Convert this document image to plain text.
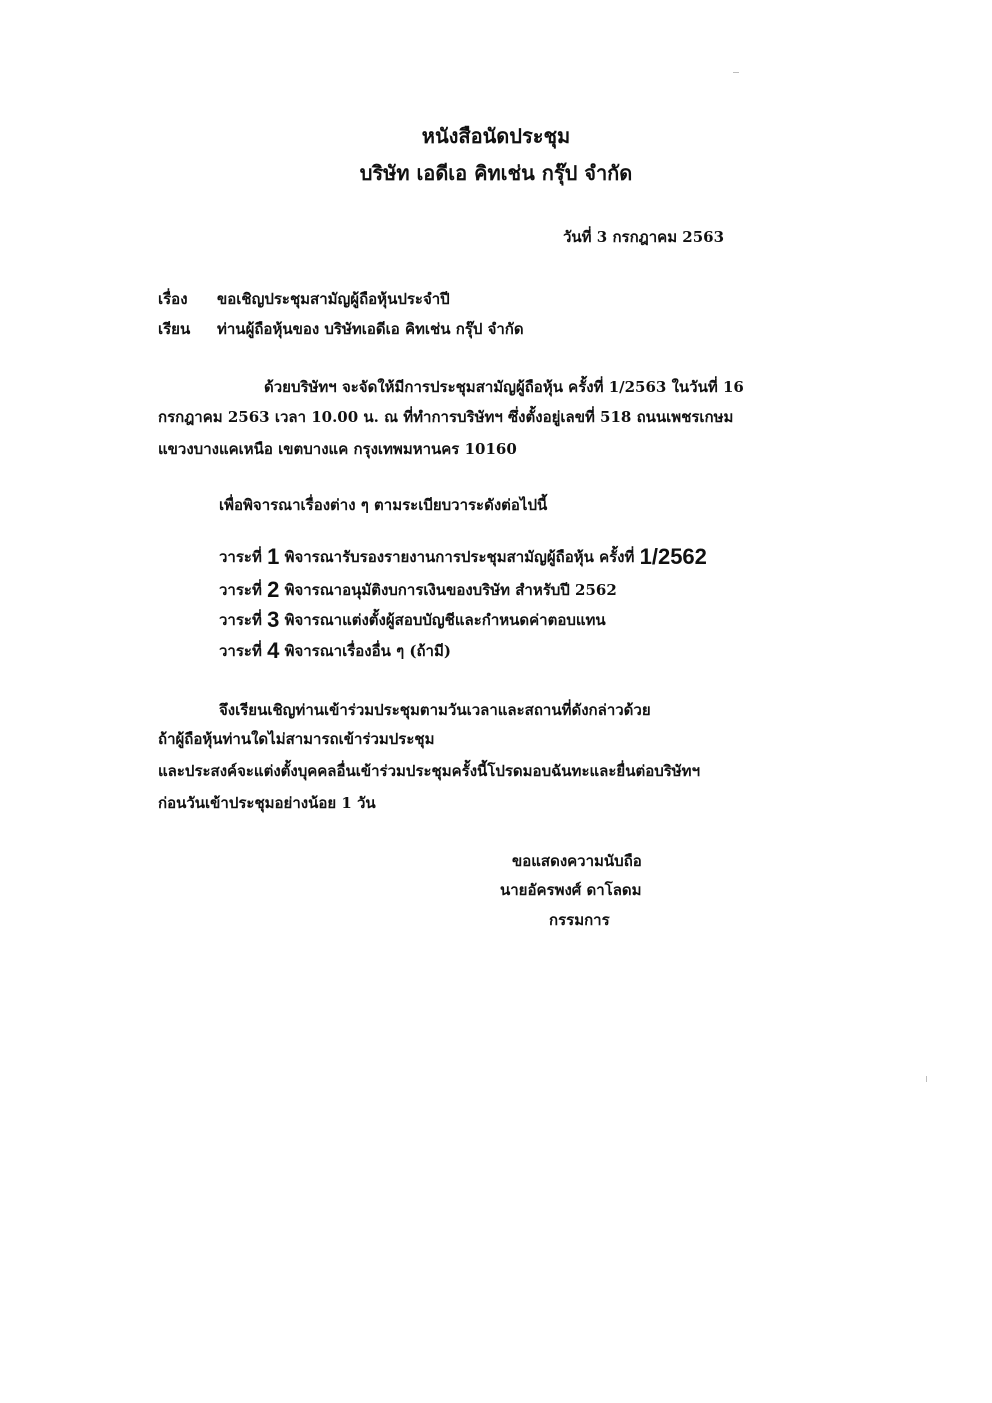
หนังสือนัดประชุม
บริษัท เอดีเอ คิทเช่น กรุ๊ป จำกัด
วันที่ 3 กรกฎาคม 2563
เรื่อง ขอเชิญประชุมสามัญผู้ถือหุ้นประจำปี
เรียน ท่านผู้ถือหุ้นของ บริษัทเอดีเอ คิทเช่น กรุ๊ป จำกัด
ด้วยบริษัทฯ จะจัดให้มีการประชุมสามัญผู้ถือหุ้น ครั้งที่ 1/2563 ในวันที่ 16
กรกฎาคม 2563 เวลา 10.00 น. ณ ที่ทำการบริษัทฯ ซึ่งตั้งอยู่เลขที่ 518 ถนนเพชรเกษม
แขวงบางแคเหนือ เขตบางแค กรุงเทพมหานคร 10160
เพื่อพิจารณาเรื่องต่าง ๆ ตามระเบียบวาระดังต่อไปนี้
วาระที่ 1 พิจารณารับรองรายงานการประชุมสามัญผู้ถือหุ้น ครั้งที่ 1/2562
วาระที่ 2 พิจารณาอนุมัติงบการเงินของบริษัท สำหรับปี 2562
วาระที่ 3 พิจารณาแต่งตั้งผู้สอบบัญชีและกำหนดค่าตอบแทน
วาระที่ 4 พิจารณาเรื่องอื่น ๆ (ถ้ามี)
จึงเรียนเชิญท่านเข้าร่วมประชุมตามวันเวลาและสถานที่ดังกล่าวด้วย
ถ้าผู้ถือหุ้นท่านใดไม่สามารถเข้าร่วมประชุม
และประสงค์จะแต่งตั้งบุคคลอื่นเข้าร่วมประชุมครั้งนี้โปรดมอบฉันทะและยื่นต่อบริษัทฯ
ก่อนวันเข้าประชุมอย่างน้อย 1 วัน
ขอแสดงความนับถือ
นายอัครพงศ์ ดาโลดม
กรรมการ
